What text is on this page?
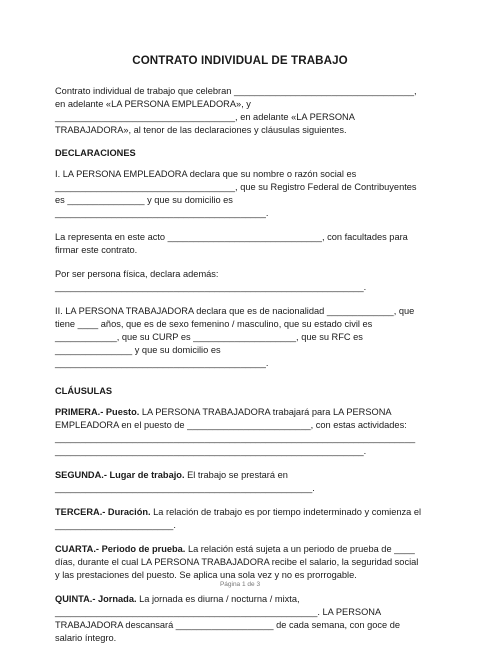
CONTRATO INDIVIDUAL DE TRABAJO

Contrato individual de trabajo que celebran ___________________________________, en adelante «LA PERSONA EMPLEADORA», y ___________________________________, en adelante «LA PERSONA TRABAJADORA», al tenor de las declaraciones y cláusulas siguientes.

DECLARACIONES

I. LA PERSONA EMPLEADORA declara que su nombre o razón social es ___________________________________, que su Registro Federal de Contribuyentes es _______________ y que su domicilio es _________________________________________.

La representa en este acto ______________________________, con facultades para firmar este contrato.

Por ser persona física, declara además: ____________________________________________________________.

II. LA PERSONA TRABAJADORA declara que es de nacionalidad _____________, que tiene ____ años, que es de sexo femenino / masculino, que su estado civil es ____________, que su CURP es ____________________, que su RFC es _______________ y que su domicilio es _________________________________________.

CLÁUSULAS

PRIMERA.- Puesto. LA PERSONA TRABAJADORA trabajará para LA PERSONA EMPLEADORA en el puesto de ________________________, con estas actividades: ______________________________________________________________________ ____________________________________________________________.

SEGUNDA.- Lugar de trabajo. El trabajo se prestará en __________________________________________________.

TERCERA.- Duración. La relación de trabajo es por tiempo indeterminado y comienza el _______________________.

CUARTA.- Periodo de prueba. La relación está sujeta a un periodo de prueba de ____ días, durante el cual LA PERSONA TRABAJADORA recibe el salario, la seguridad social y las prestaciones del puesto. Se aplica una sola vez y no es prorrogable.

QUINTA.- Jornada. La jornada es diurna / nocturna / mixta, ___________________________________________________. LA PERSONA TRABAJADORA descansará ___________________ de cada semana, con goce de salario íntegro.

Página 1 de 3
